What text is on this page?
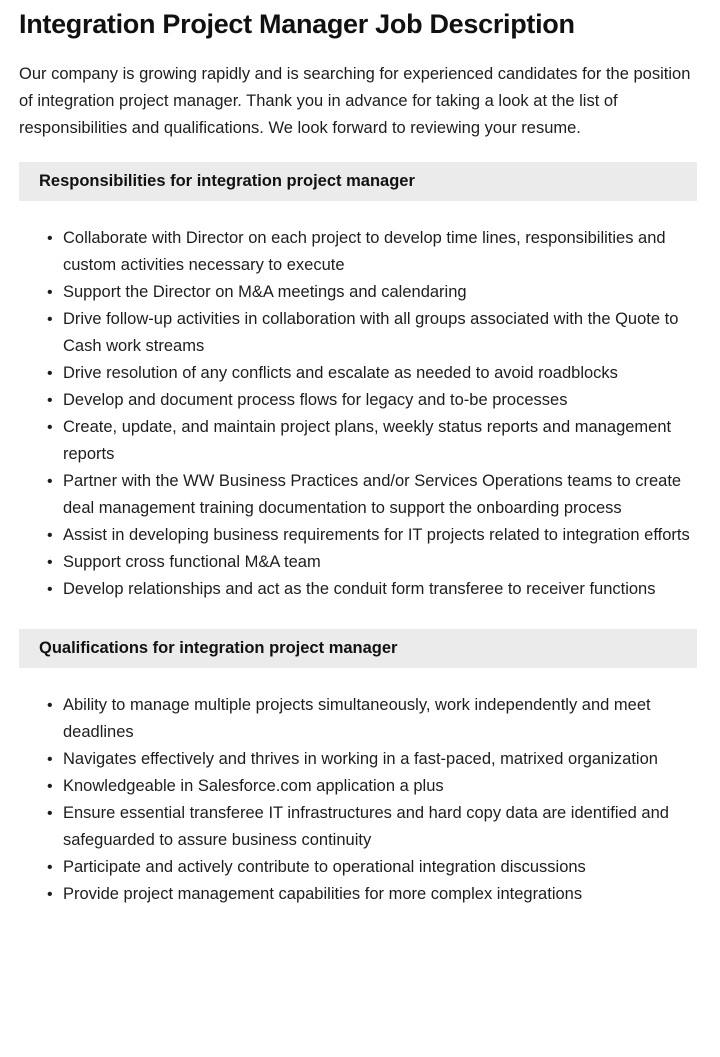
Integration Project Manager Job Description

Our company is growing rapidly and is searching for experienced candidates for the position of integration project manager. Thank you in advance for taking a look at the list of responsibilities and qualifications. We look forward to reviewing your resume.

Responsibilities for integration project manager
• Collaborate with Director on each project to develop time lines, responsibilities and custom activities necessary to execute
• Support the Director on M&A meetings and calendaring
• Drive follow-up activities in collaboration with all groups associated with the Quote to Cash work streams
• Drive resolution of any conflicts and escalate as needed to avoid roadblocks
• Develop and document process flows for legacy and to-be processes
• Create, update, and maintain project plans, weekly status reports and management reports
• Partner with the WW Business Practices and/or Services Operations teams to create deal management training documentation to support the onboarding process
• Assist in developing business requirements for IT projects related to integration efforts
• Support cross functional M&A team
• Develop relationships and act as the conduit form transferee to receiver functions
Qualifications for integration project manager
• Ability to manage multiple projects simultaneously, work independently and meet deadlines
• Navigates effectively and thrives in working in a fast-paced, matrixed organization
• Knowledgeable in Salesforce.com application a plus
• Ensure essential transferee IT infrastructures and hard copy data are identified and safeguarded to assure business continuity
• Participate and actively contribute to operational integration discussions
• Provide project management capabilities for more complex integrations
